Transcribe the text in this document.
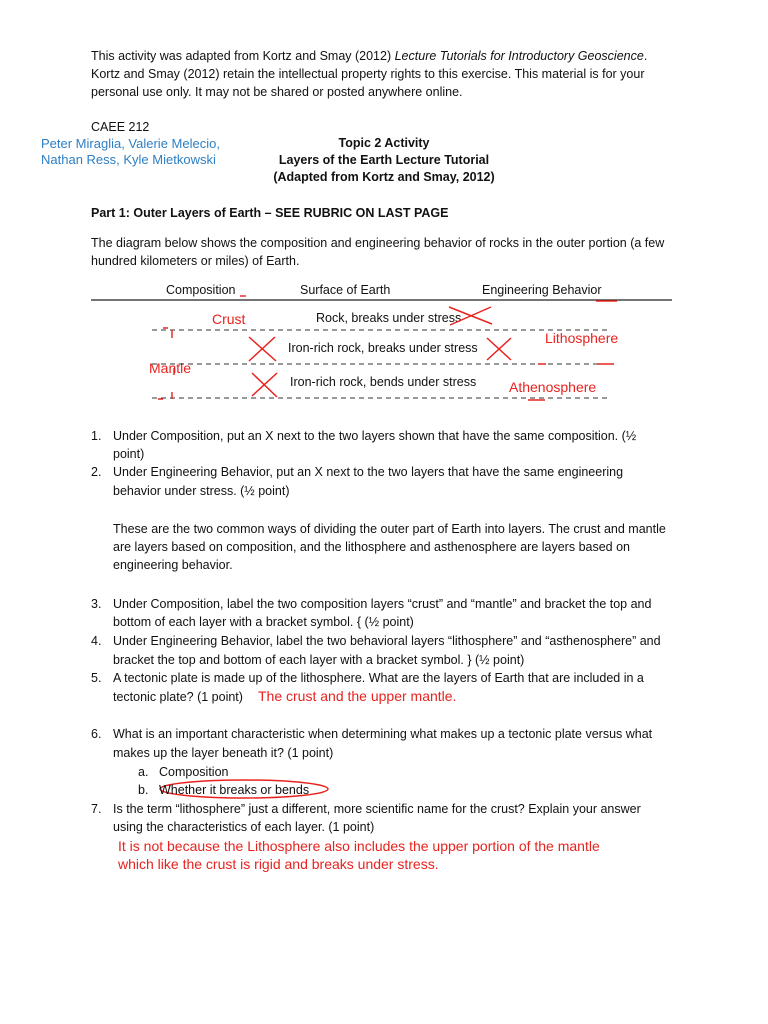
This activity was adapted from Kortz and Smay (2012) Lecture Tutorials for Introductory Geoscience.
Kortz and Smay (2012) retain the intellectual property rights to this exercise. This material is for your
personal use only. It may not be shared or posted anywhere online.
CAEE 212
Peter Miraglia, Valerie Melecio,
Nathan Ress, Kyle Mietkowski
Topic 2 Activity
Layers of the Earth Lecture Tutorial
(Adapted from Kortz and Smay, 2012)
Part 1: Outer Layers of Earth – SEE RUBRIC ON LAST PAGE
The diagram below shows the composition and engineering behavior of rocks in the outer portion (a few
hundred kilometers or miles) of Earth.
Composition	Surface of Earth	Engineering Behavior
Rock, breaks under stress
Iron-rich rock, breaks under stress
Iron-rich rock, bends under stress
Crust
Mantle
Lithosphere
Athenosphere
1. Under Composition, put an X next to the two layers shown that have the same composition. (½
point)
2. Under Engineering Behavior, put an X next to the two layers that have the same engineering
behavior under stress. (½ point)
These are the two common ways of dividing the outer part of Earth into layers. The crust and mantle
are layers based on composition, and the lithosphere and asthenosphere are layers based on
engineering behavior.
3. Under Composition, label the two composition layers “crust” and “mantle” and bracket the top and
bottom of each layer with a bracket symbol. { (½ point)
4. Under Engineering Behavior, label the two behavioral layers “lithosphere” and “asthenosphere” and
bracket the top and bottom of each layer with a bracket symbol. } (½ point)
5. A tectonic plate is made up of the lithosphere. What are the layers of Earth that are included in a
tectonic plate? (1 point) The crust and the upper mantle.
6. What is an important characteristic when determining what makes up a tectonic plate versus what
makes up the layer beneath it? (1 point)
a. Composition
b. Whether it breaks or bends
7. Is the term “lithosphere” just a different, more scientific name for the crust? Explain your answer
using the characteristics of each layer. (1 point)
It is not because the Lithosphere also includes the upper portion of the mantle
which like the crust is rigid and breaks under stress.
